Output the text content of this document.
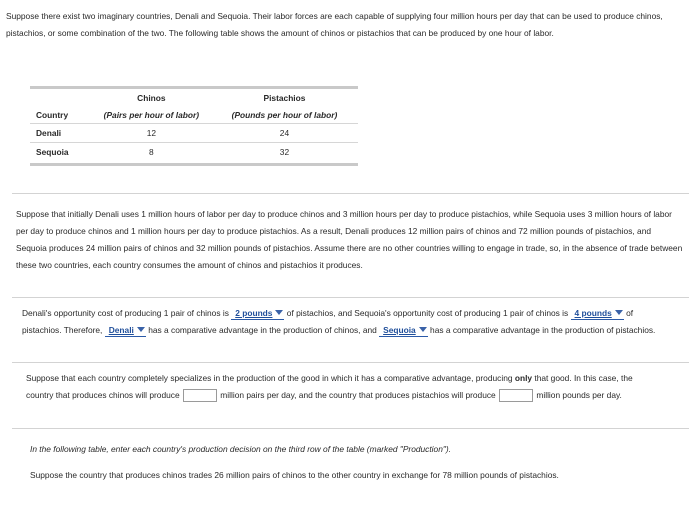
Suppose there exist two imaginary countries, Denali and Sequoia. Their labor forces are each capable of supplying four million hours per day that can be used to produce chinos, pistachios, or some combination of the two. The following table shows the amount of chinos or pistachios that can be produced by one hour of labor.

	Chinos	Pistachios
Country	(Pairs per hour of labor)	(Pounds per hour of labor)
Denali	12	24
Sequoia	8	32

Suppose that initially Denali uses 1 million hours of labor per day to produce chinos and 3 million hours per day to produce pistachios, while Sequoia uses 3 million hours of labor per day to produce chinos and 1 million hours per day to produce pistachios. As a result, Denali produces 12 million pairs of chinos and 72 million pounds of pistachios, and Sequoia produces 24 million pairs of chinos and 32 million pounds of pistachios. Assume there are no other countries willing to engage in trade, so, in the absence of trade between these two countries, each country consumes the amount of chinos and pistachios it produces.

Denali's opportunity cost of producing 1 pair of chinos is 2 pounds of pistachios, and Sequoia's opportunity cost of producing 1 pair of chinos is 4 pounds of pistachios. Therefore, Denali has a comparative advantage in the production of chinos, and Sequoia has a comparative advantage in the production of pistachios.

Suppose that each country completely specializes in the production of the good in which it has a comparative advantage, producing only that good. In this case, the country that produces chinos will produce	million pairs per day, and the country that produces pistachios will produce	million pounds per day.

In the following table, enter each country's production decision on the third row of the table (marked "Production").

Suppose the country that produces chinos trades 26 million pairs of chinos to the other country in exchange for 78 million pounds of pistachios.
